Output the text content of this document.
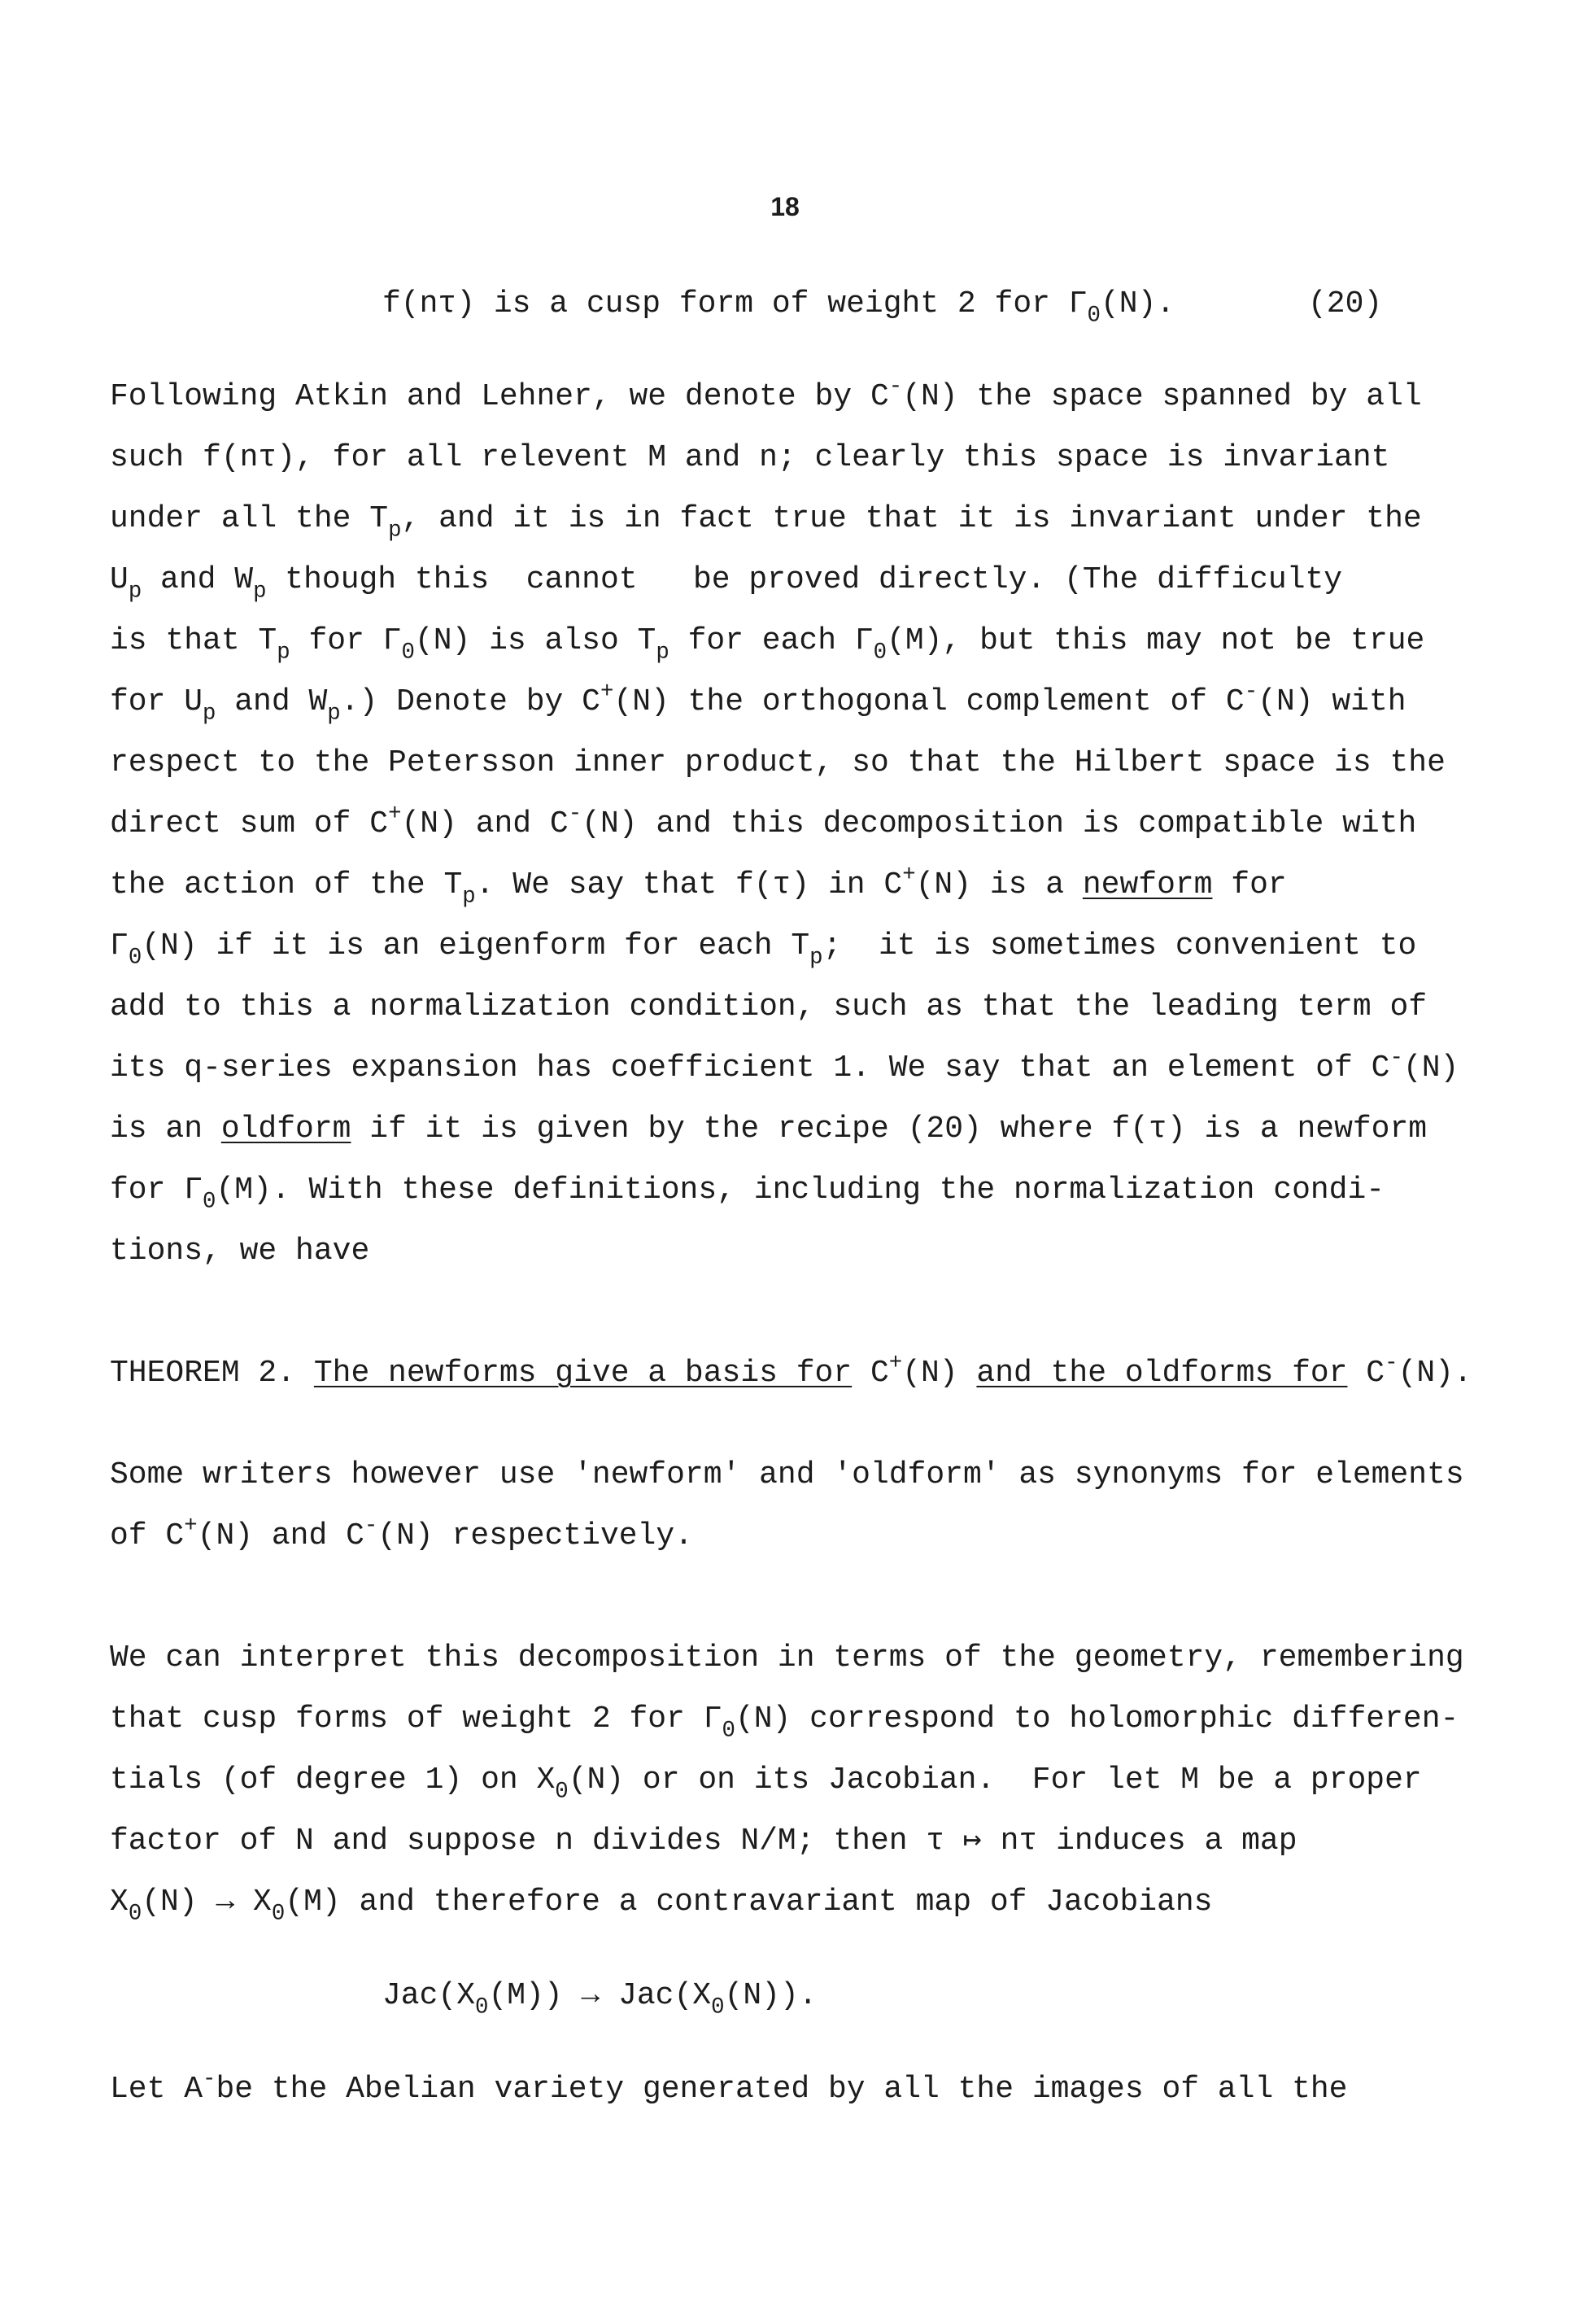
18
f(nτ) is a cusp form of weight 2 for $\Gamma_0(N)$.	(20)
Following Atkin and Lehner, we denote by C-(N) the space spanned by all
such f(nτ), for all relevent M and n; clearly this space is invariant
under all the $T_p$, and it is in fact true that it is invariant under the
$U_p$ and $W_p$ though this  cannot   be proved directly. (The difficulty
is that $T_p$ for $\Gamma_0(N)$ is also $T_p$ for each $\Gamma_0(M)$, but this may not be true
for $U_p$ and $W_p$.) Denote by C+(N) the orthogonal complement of C-(N) with
respect to the Petersson inner product, so that the Hilbert space is the
direct sum of C+(N) and C-(N) and this decomposition is compatible with
the action of the $T_p$. We say that f(τ) in C+(N) is a newform for
$\Gamma_0(N)$ if it is an eigenform for each $T_p$;  it is sometimes convenient to
add to this a normalization condition, such as that the leading term of
its q-series expansion has coefficient 1. We say that an element of C-(N)
is an oldform if it is given by the recipe (20) where f(τ) is a newform
for $\Gamma_0(M)$. With these definitions, including the normalization condi-
tions, we have
THEOREM 2. The newforms give a basis for C+(N) and the oldforms for C-(N).
Some writers however use 'newform' and 'oldform' as synonyms for elements
of C+(N) and C-(N) respectively.
We can interpret this decomposition in terms of the geometry, remembering
that cusp forms of weight 2 for $\Gamma_0(N)$ correspond to holomorphic differen-
tials (of degree 1) on $X_0(N)$ or on its Jacobian.  For let M be a proper
factor of N and suppose n divides N/M; then τ ↦ nτ induces a map
$X_0(N) \to X_0(M)$ and therefore a contravariant map of Jacobians
$Jac(X_0(M)) \to Jac(X_0(N))$.
Let A-be the Abelian variety generated by all the images of all the
